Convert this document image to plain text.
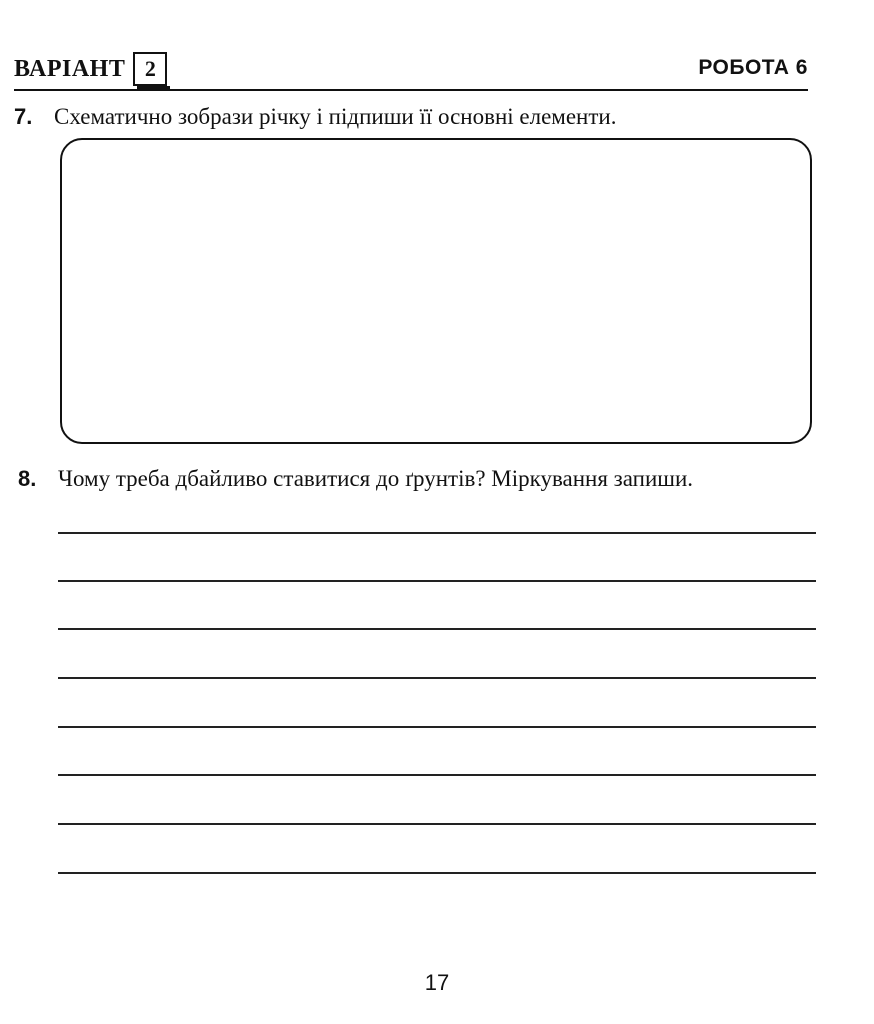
ВАРІАНТ 2	РОБОТА 6
7. Схематично зобрази річку і підпиши її основні елементи.
8. Чому треба дбайливо ставитися до ґрунтів? Міркування запиши.
17
